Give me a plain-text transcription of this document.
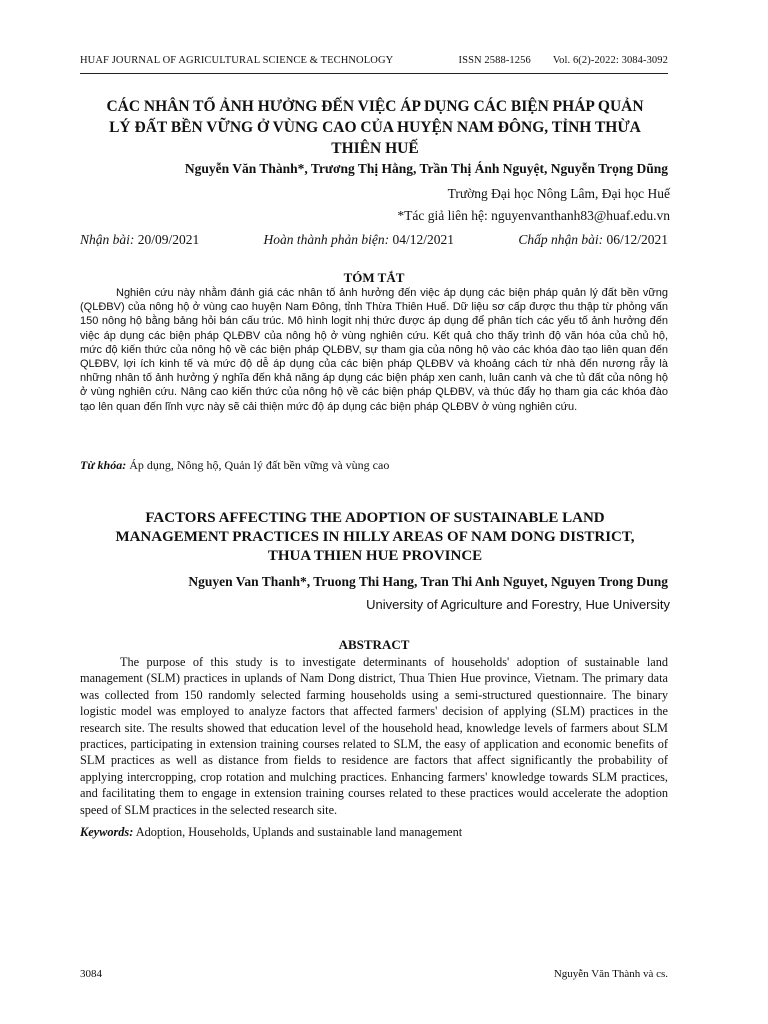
HUAF JOURNAL OF AGRICULTURAL SCIENCE & TECHNOLOGY	ISSN 2588-1256 Vol. 6(2)-2022: 3084-3092
CÁC NHÂN TỐ ẢNH HƯỞNG ĐẾN VIỆC ÁP DỤNG CÁC BIỆN PHÁP QUẢN LÝ ĐẤT BỀN VỮNG Ở VÙNG CAO CỦA HUYỆN NAM ĐÔNG, TỈNH THỪA THIÊN HUẾ
Nguyễn Văn Thành*, Trương Thị Hằng, Trần Thị Ánh Nguyệt, Nguyễn Trọng Dũng
Trường Đại học Nông Lâm, Đại học Huế
*Tác giả liên hệ: nguyenvanthanh83@huaf.edu.vn
Nhận bài: 20/09/2021	Hoàn thành phản biện: 04/12/2021	Chấp nhận bài: 06/12/2021
TÓM TẮT
Nghiên cứu này nhằm đánh giá các nhân tố ảnh hưởng đến việc áp dụng các biện pháp quản lý đất bền vững (QLĐBV) của nông hộ ở vùng cao huyện Nam Đông, tỉnh Thừa Thiên Huế. Dữ liệu sơ cấp được thu thập từ phỏng vấn 150 nông hộ bằng bảng hỏi bán cấu trúc. Mô hình logit nhị thức được áp dụng để phân tích các yếu tố ảnh hưởng đến việc áp dụng các biện pháp QLĐBV của nông hộ ở vùng nghiên cứu. Kết quả cho thấy trình độ văn hóa của chủ hộ, mức độ kiến thức của nông hộ về các biện pháp QLĐBV, sự tham gia của nông hộ vào các khóa đào tạo liên quan đến QLĐBV, lợi ích kinh tế và mức độ dễ áp dụng của các biện pháp QLĐBV và khoảng cách từ nhà đến nương rẫy là những nhân tố ảnh hưởng ý nghĩa đến khả năng áp dụng các biện pháp xen canh, luân canh và che tủ đất của nông hộ ở vùng nghiên cứu. Nâng cao kiến thức của nông hộ về các biện pháp QLĐBV, và thúc đẩy họ tham gia các khóa đào tạo lên quan đến lĩnh vực này sẽ cải thiện mức độ áp dụng các biện pháp QLĐBV ở vùng nghiên cứu.
Từ khóa: Áp dụng, Nông hộ, Quản lý đất bền vững và vùng cao
FACTORS AFFECTING THE ADOPTION OF SUSTAINABLE LAND MANAGEMENT PRACTICES IN HILLY AREAS OF NAM DONG DISTRICT, THUA THIEN HUE PROVINCE
Nguyen Van Thanh*, Truong Thi Hang, Tran Thi Anh Nguyet, Nguyen Trong Dung
University of Agriculture and Forestry, Hue University
ABSTRACT
The purpose of this study is to investigate determinants of households' adoption of sustainable land management (SLM) practices in uplands of Nam Dong district, Thua Thien Hue province, Vietnam. The primary data was collected from 150 randomly selected farming households using a semi-structured questionnaire. The binary logistic model was employed to analyze factors that affected farmers' decision of applying (SLM) practices in the research site. The results showed that education level of the household head, knowledge levels of farmers about SLM practices, participating in extension training courses related to SLM, the easy of application and economic benefits of SLM practices as well as distance from fields to residence are factors that affect significantly the probability of applying intercropping, crop rotation and mulching practices. Enhancing farmers' knowledge towards SLM practices, and facilitating them to engage in extension training courses related to these practices would accelerate the adoption speed of SLM practices in the selected research site.
Keywords: Adoption, Households, Uplands and sustainable land management
3084	Nguyễn Văn Thành và cs.
